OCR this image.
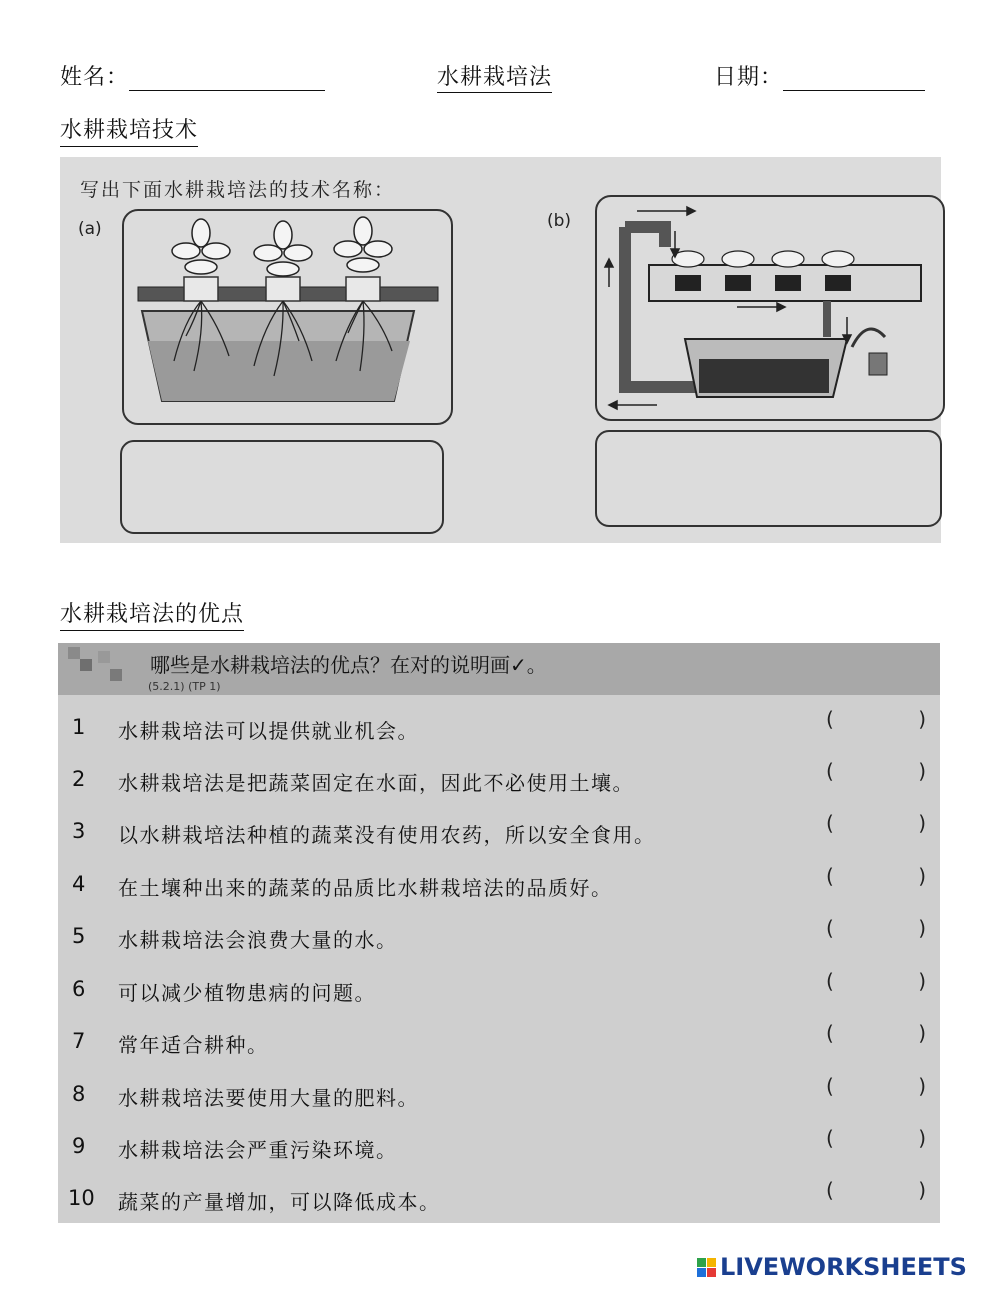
姓名：	水耕栽培法	日期：
水耕栽培技术
写出下面水耕栽培法的技术名称：
(a)	(b)
水耕栽培法的优点
哪些是水耕栽培法的优点？在对的说明画✓。
(5.2.1) (TP 1)
1 水耕栽培法可以提供就业机会。	(	)
2 水耕栽培法是把蔬菜固定在水面，因此不必使用土壤。	(	)
3 以水耕栽培法种植的蔬菜没有使用农药，所以安全食用。	(	)
4 在土壤种出来的蔬菜的品质比水耕栽培法的品质好。	(	)
5 水耕栽培法会浪费大量的水。	(	)
6 可以减少植物患病的问题。	(	)
7 常年适合耕种。	(	)
8 水耕栽培法要使用大量的肥料。	(	)
9 水耕栽培法会严重污染环境。	(	)
10 蔬菜的产量增加，可以降低成本。	(	)
LIVEWORKSHEETS
